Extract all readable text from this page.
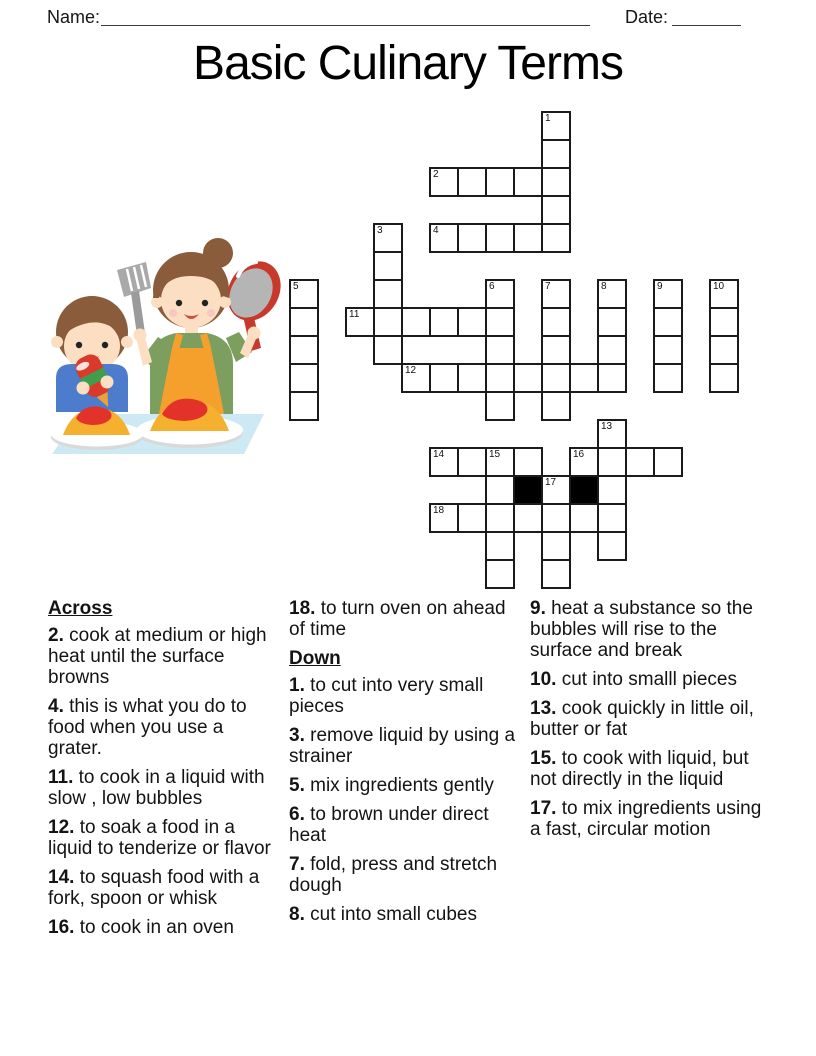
Name:	Date:
Basic Culinary Terms
1
2
3	4
5	6	7	8	9	10
11
12
13
14	15	16
17
18
Across
2. cook at medium or high heat until the surface browns
4. this is what you do to food when you use a grater.
11. to cook in a liquid with slow , low bubbles
12. to soak a food in a liquid to tenderize or flavor
14. to squash food with a fork, spoon or whisk
16. to cook in an oven
18. to turn oven on ahead of time
Down
1. to cut into very small pieces
3. remove liquid by using a strainer
5. mix ingredients gently
6. to brown under direct heat
7. fold, press and stretch dough
8. cut into small cubes
9. heat a substance so the bubbles will rise to the surface and break
10. cut into smalll pieces
13. cook quickly in little oil, butter or fat
15. to cook with liquid, but not directly in the liquid
17. to mix ingredients using a fast, circular motion
